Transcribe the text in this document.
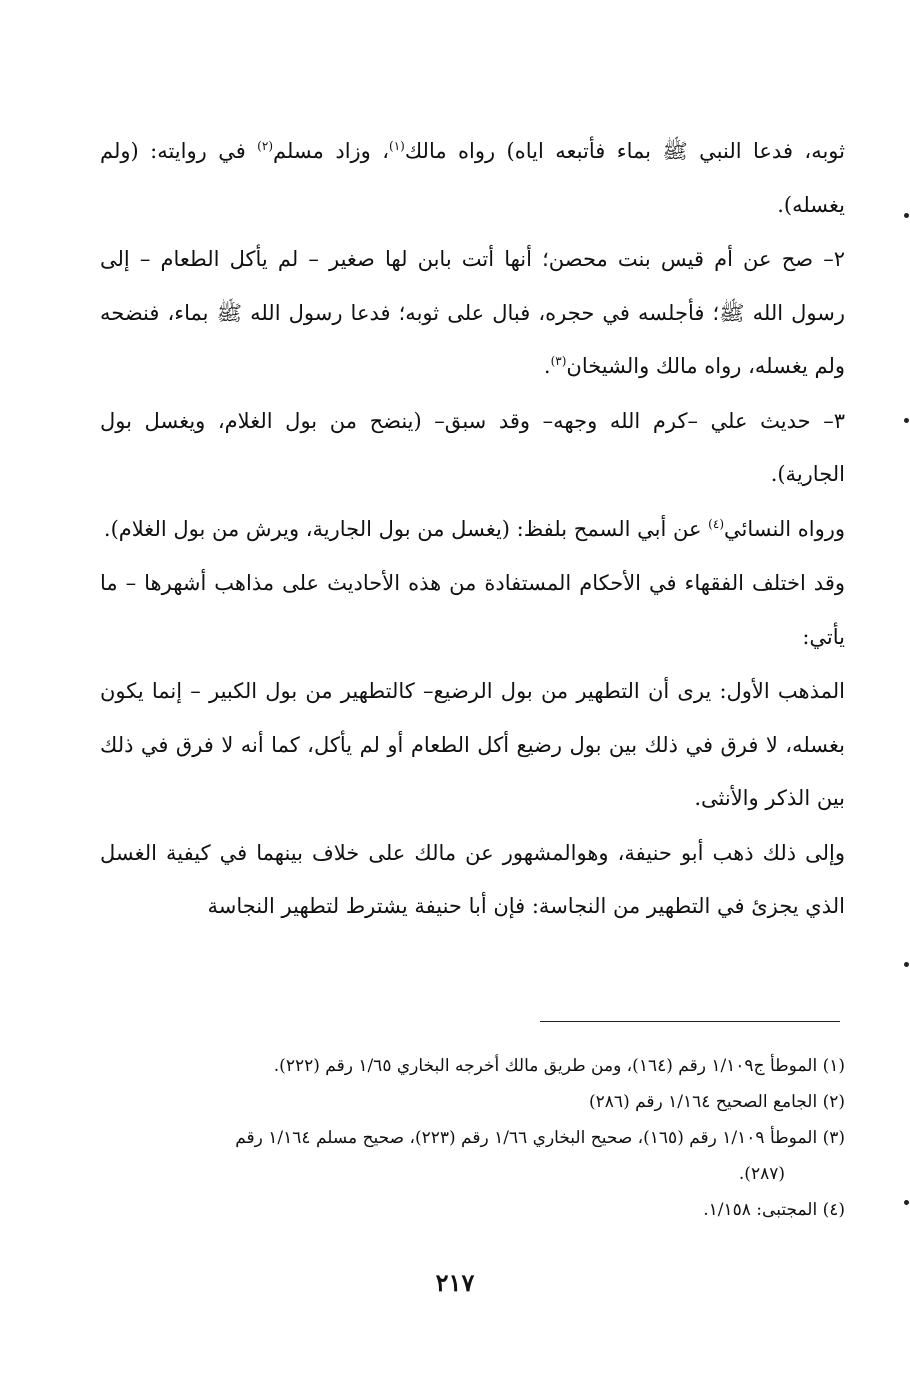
ثوبه، فدعا النبي ﷺ بماء فأتبعه اياه) رواه مالك$^{(١)}$، وزاد مسلم$^{(٢)}$ في روايته: (ولم يغسله).

٢– صح عن أم قيس بنت محصن؛ أنها أتت بابن لها صغير – لم يأكل الطعام – إلى رسول الله ﷺ؛ فأجلسه في حجره، فبال على ثوبه؛ فدعا رسول الله ﷺ بماء، فنضحه ولم يغسله، رواه مالك والشيخان$^{(٣)}$.

٣– حديث علي –كرم الله وجهه– وقد سبق– (ينضح من بول الغلام، ويغسل بول الجارية).

ورواه النسائي$^{(٤)}$ عن أبي السمح بلفظ: (يغسل من بول الجارية، ويرش من بول الغلام).

وقد اختلف الفقهاء في الأحكام المستفادة من هذه الأحاديث على مذاهب أشهرها – ما يأتي:

المذهب الأول: يرى أن التطهير من بول الرضيع– كالتطهير من بول الكبير – إنما يكون بغسله، لا فرق في ذلك بين بول رضيع أكل الطعام أو لم يأكل، كما أنه لا فرق في ذلك بين الذكر والأنثى.

وإلى ذلك ذهب أبو حنيفة، وهوالمشهور عن مالك على خلاف بينهما في كيفية الغسل الذي يجزئ في التطهير من النجاسة: فإن أبا حنيفة يشترط لتطهير النجاسة

(١) الموطأ ج١/١٠٩ رقم (١٦٤)، ومن طريق مالك أخرجه البخاري ١/٦٥ رقم (٢٢٢).

(٢) الجامع الصحيح ١/١٦٤ رقم (٢٨٦)

(٣) الموطأ ١/١٠٩ رقم (١٦٥)، صحيح البخاري ١/٦٦ رقم (٢٢٣)، صحيح مسلم ١/١٦٤ رقم

(٢٨٧).

(٤) المجتبى: ١/١٥٨.

٢١٧
